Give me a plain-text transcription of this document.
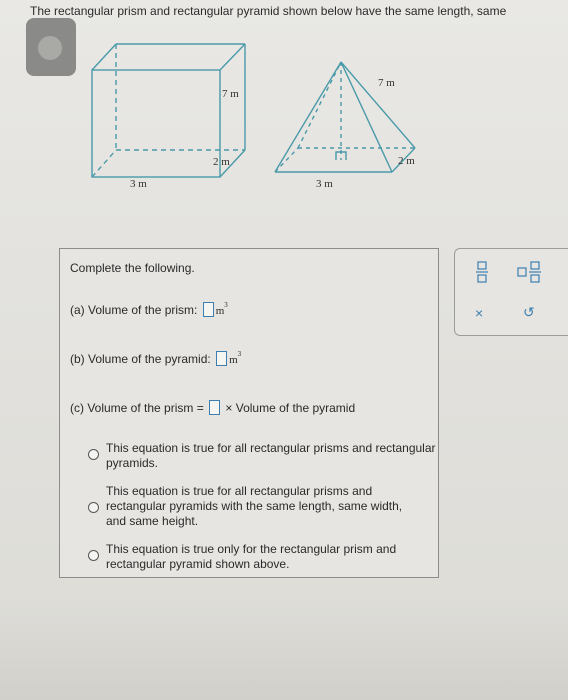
The rectangular prism and rectangular pyramid shown below have the same length, same
7 m
2 m
3 m
7 m
2 m
3 m
Complete the following.
(a) Volume of the prism: $m^3$
(b) Volume of the pyramid: $m^3$
(c) Volume of the prism = × Volume of the pyramid
This equation is true for all rectangular prisms and rectangular pyramids.
This equation is true for all rectangular prisms and rectangular pyramids with the same length, same width, and same height.
This equation is true only for the rectangular prism and rectangular pyramid shown above.
×	↺
